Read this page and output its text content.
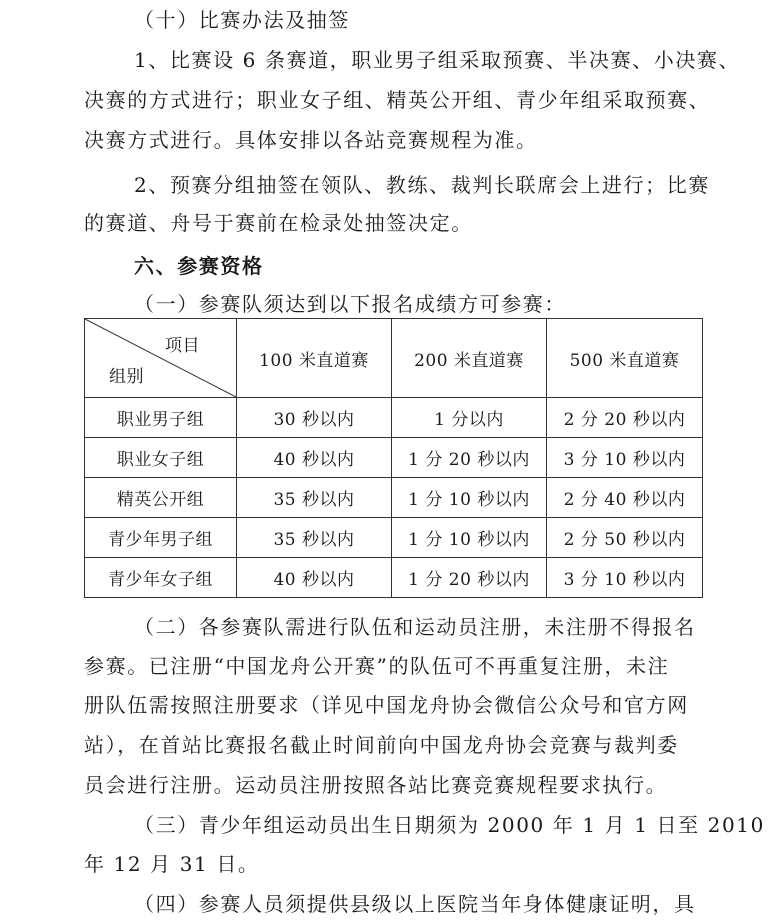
（十）比赛办法及抽签
1、比赛设 6 条赛道，职业男子组采取预赛、半决赛、小决赛、
决赛的方式进行；职业女子组、精英公开组、青少年组采取预赛、
决赛方式进行。具体安排以各站竞赛规程为准。
2、预赛分组抽签在领队、教练、裁判长联席会上进行；比赛
的赛道、舟号于赛前在检录处抽签决定。
六、参赛资格
（一）参赛队须达到以下报名成绩方可参赛：
项目
组别	100 米直道赛	200 米直道赛	500 米直道赛
职业男子组	30 秒以内	1 分以内	2 分 20 秒以内
职业女子组	40 秒以内	1 分 20 秒以内	3 分 10 秒以内
精英公开组	35 秒以内	1 分 10 秒以内	2 分 40 秒以内
青少年男子组	35 秒以内	1 分 10 秒以内	2 分 50 秒以内
青少年女子组	40 秒以内	1 分 20 秒以内	3 分 10 秒以内
（二）各参赛队需进行队伍和运动员注册，未注册不得报名
参赛。已注册“中国龙舟公开赛”的队伍可不再重复注册，未注
册队伍需按照注册要求（详见中国龙舟协会微信公众号和官方网
站），在首站比赛报名截止时间前向中国龙舟协会竞赛与裁判委
员会进行注册。运动员注册按照各站比赛竞赛规程要求执行。
（三）青少年组运动员出生日期须为 2000 年 1 月 1 日至 2010
年 12 月 31 日。
（四）参赛人员须提供县级以上医院当年身体健康证明，具
